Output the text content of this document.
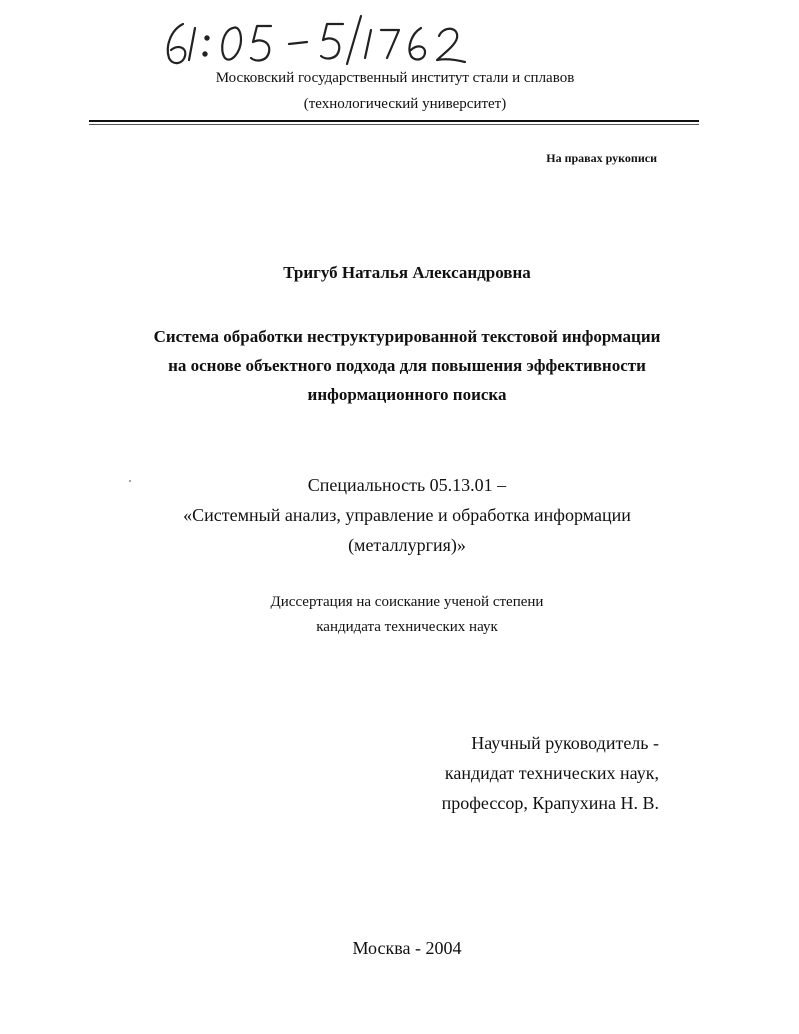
Московский государственный институт стали и сплавов
(технологический университет)
На правах рукописи
Тригуб Наталья Александровна
Система обработки неструктурированной текстовой информации
на основе объектного подхода для повышения эффективности
информационного поиска
Специальность 05.13.01 –
«Системный анализ, управление и обработка информации
(металлургия)»
Диссертация на соискание ученой степени
кандидата технических наук
Научный руководитель -
кандидат технических наук,
профессор, Крапухина Н. В.
Москва - 2004
